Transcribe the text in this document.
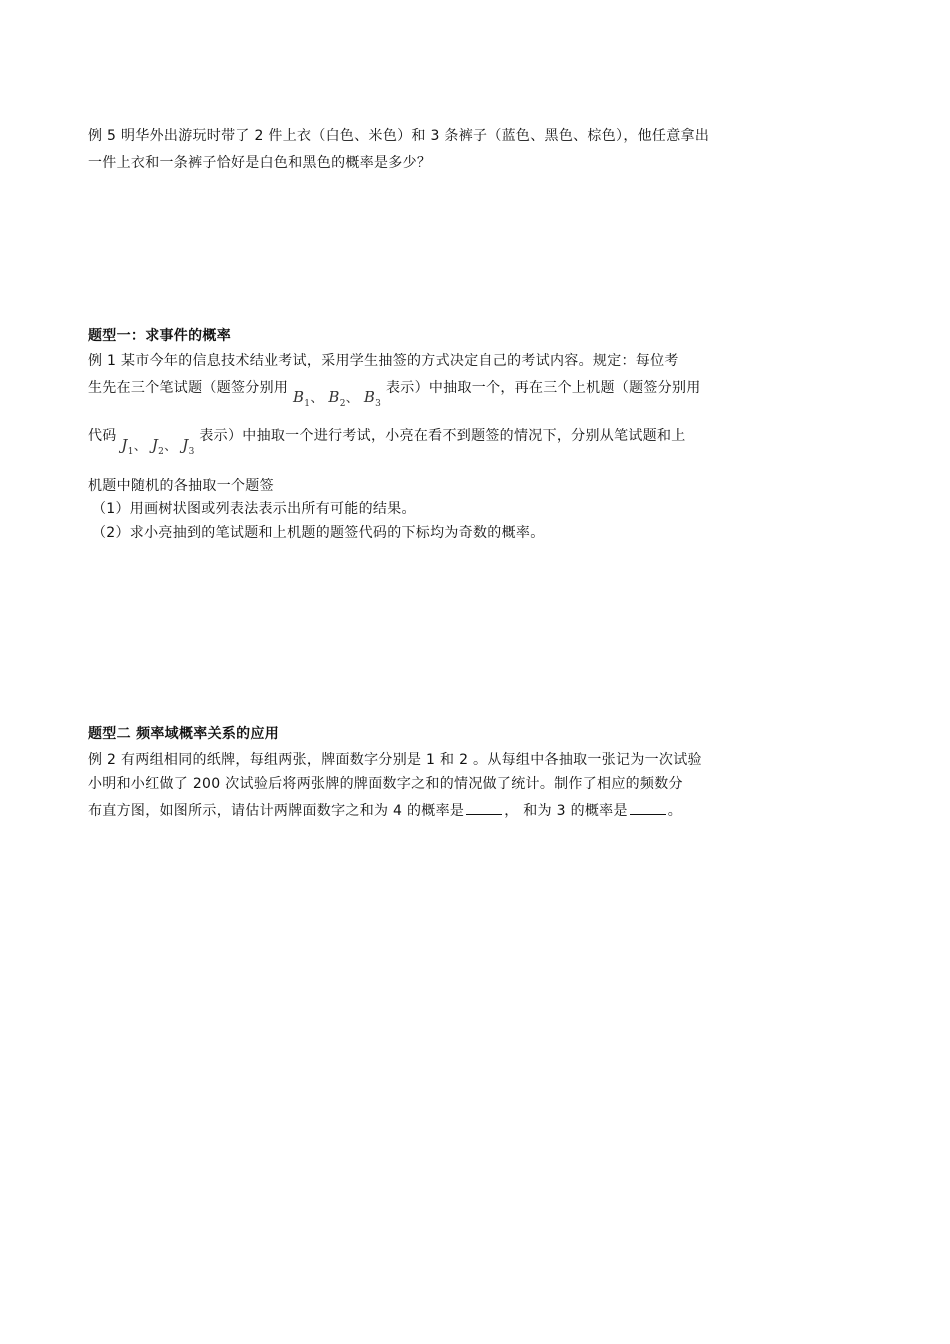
例 5 明华外出游玩时带了 2 件上衣（白色、米色）和 3 条裤子（蓝色、黑色、棕色），他任意拿出
一件上衣和一条裤子恰好是白色和黑色的概率是多少？
题型一：求事件的概率
例 1 某市今年的信息技术结业考试，采用学生抽签的方式决定自己的考试内容。规定：每位考
生先在三个笔试题（题签分别用 $B_1$、 $B_2$、 $B_3$ 表示）中抽取一个，再在三个上机题（题签分别用
代码 $J_1$、 $J_2$、 $J_3$ 表示）中抽取一个进行考试，小亮在看不到题签的情况下，分别从笔试题和上
机题中随机的各抽取一个题签
（1）用画树状图或列表法表示出所有可能的结果。
（2）求小亮抽到的笔试题和上机题的题签代码的下标均为奇数的概率。
题型二 频率域概率关系的应用
例 2 有两组相同的纸牌，每组两张，牌面数字分别是 1 和 2 。从每组中各抽取一张记为一次试验
小明和小红做了 200 次试验后将两张牌的牌面数字之和的情况做了统计。制作了相应的频数分
布直方图，如图所示，请估计两牌面数字之和为 4 的概率是	， 和为 3 的概率是	。
